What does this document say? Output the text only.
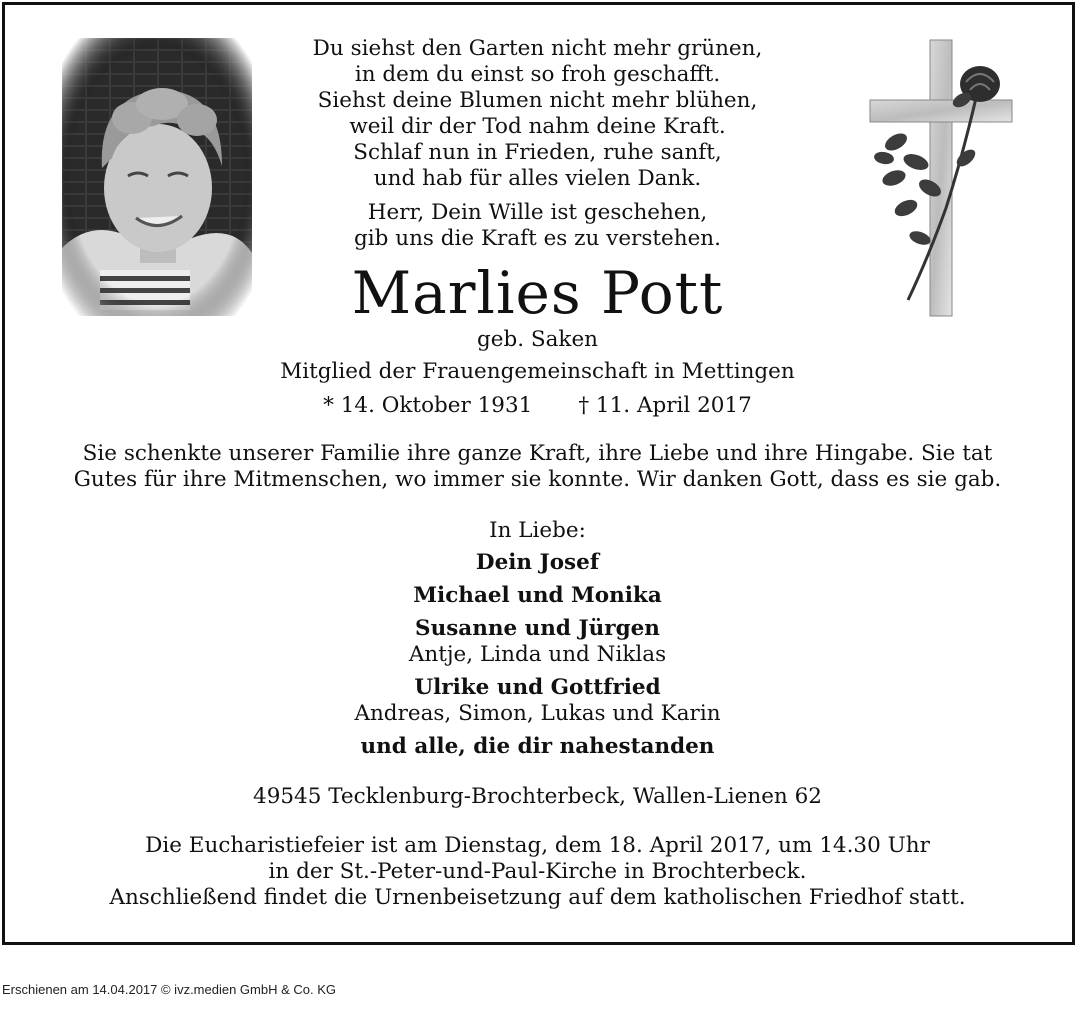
Du siehst den Garten nicht mehr grünen,
in dem du einst so froh geschafft.
Siehst deine Blumen nicht mehr blühen,
weil dir der Tod nahm deine Kraft.
Schlaf nun in Frieden, ruhe sanft,
und hab für alles vielen Dank.
Herr, Dein Wille ist geschehen,
gib uns die Kraft es zu verstehen.
Marlies Pott
geb. Saken
Mitglied der Frauengemeinschaft in Mettingen
* 14. Oktober 1931 † 11. April 2017
Sie schenkte unserer Familie ihre ganze Kraft, ihre Liebe und ihre Hingabe. Sie tat
Gutes für ihre Mitmenschen, wo immer sie konnte. Wir danken Gott, dass es sie gab.
In Liebe:
Dein Josef
Michael und Monika
Susanne und Jürgen
Antje, Linda und Niklas
Ulrike und Gottfried
Andreas, Simon, Lukas und Karin
und alle, die dir nahestanden
49545 Tecklenburg-Brochterbeck, Wallen-Lienen 62
Die Eucharistiefeier ist am Dienstag, dem 18. April 2017, um 14.30 Uhr
in der St.-Peter-und-Paul-Kirche in Brochterbeck.
Anschließend findet die Urnenbeisetzung auf dem katholischen Friedhof statt.
Erschienen am 14.04.2017 © ivz.medien GmbH & Co. KG
